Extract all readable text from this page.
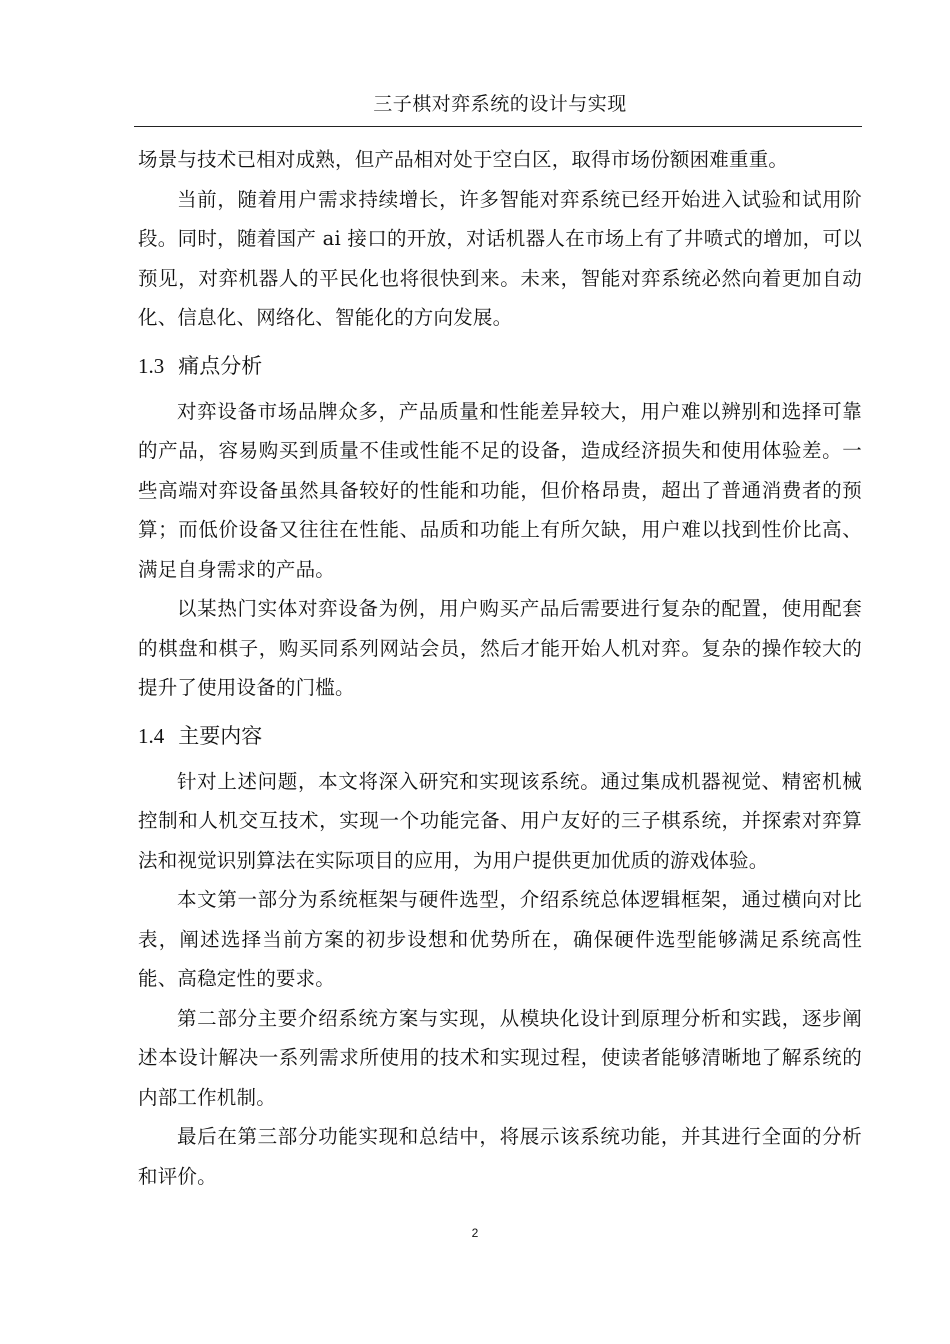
三子棋对弈系统的设计与实现

场景与技术已相对成熟，但产品相对处于空白区，取得市场份额困难重重。

当前，随着用户需求持续增长，许多智能对弈系统已经开始进入试验和试用阶段。同时，随着国产 ai 接口的开放，对话机器人在市场上有了井喷式的增加，可以预见，对弈机器人的平民化也将很快到来。未来，智能对弈系统必然向着更加自动化、信息化、网络化、智能化的方向发展。

1.3 痛点分析

对弈设备市场品牌众多，产品质量和性能差异较大，用户难以辨别和选择可靠的产品，容易购买到质量不佳或性能不足的设备，造成经济损失和使用体验差。一些高端对弈设备虽然具备较好的性能和功能，但价格昂贵，超出了普通消费者的预算；而低价设备又往往在性能、品质和功能上有所欠缺，用户难以找到性价比高、满足自身需求的产品。

以某热门实体对弈设备为例，用户购买产品后需要进行复杂的配置，使用配套的棋盘和棋子，购买同系列网站会员，然后才能开始人机对弈。复杂的操作较大的提升了使用设备的门槛。

1.4 主要内容

针对上述问题，本文将深入研究和实现该系统。通过集成机器视觉、精密机械控制和人机交互技术，实现一个功能完备、用户友好的三子棋系统，并探索对弈算法和视觉识别算法在实际项目的应用，为用户提供更加优质的游戏体验。

本文第一部分为系统框架与硬件选型，介绍系统总体逻辑框架，通过横向对比表，阐述选择当前方案的初步设想和优势所在，确保硬件选型能够满足系统高性能、高稳定性的要求。

第二部分主要介绍系统方案与实现，从模块化设计到原理分析和实践，逐步阐述本设计解决一系列需求所使用的技术和实现过程，使读者能够清晰地了解系统的内部工作机制。

最后在第三部分功能实现和总结中，将展示该系统功能，并其进行全面的分析和评价。

2
